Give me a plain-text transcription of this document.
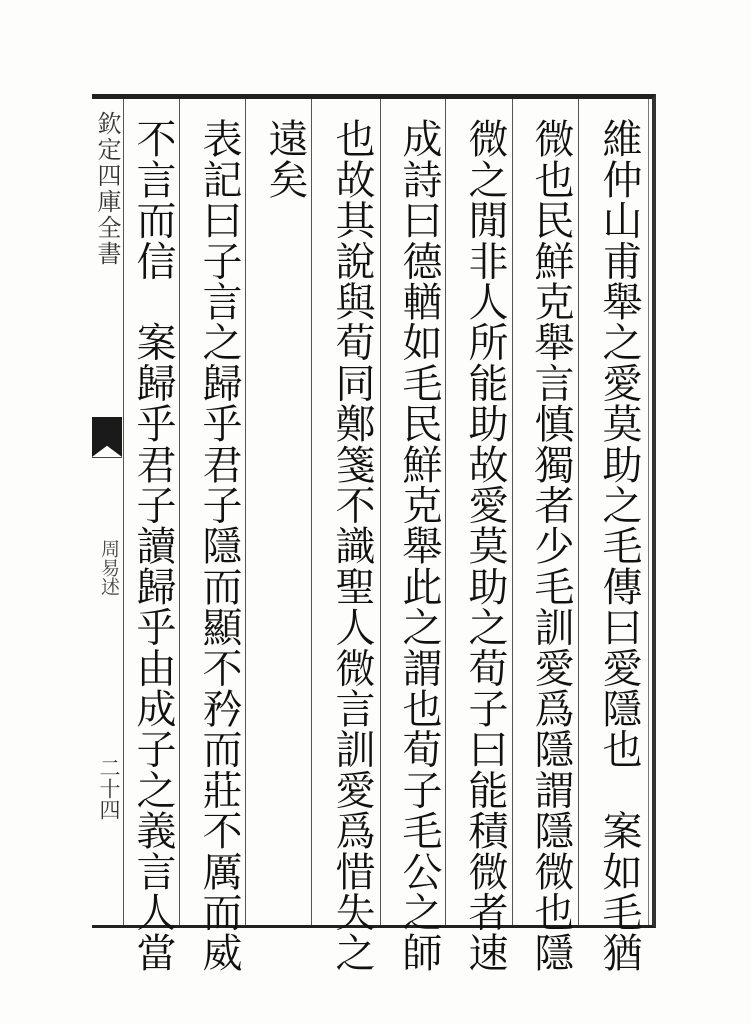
欽定四庫全書
周易述
二十四	維仲山甫舉之愛莫助之毛傳曰愛隱也　案如毛猶
微也民鮮克舉言慎獨者少毛訓愛爲隱謂隱微也隱
微之閒非人所能助故愛莫助之荀子曰能積微者速
成詩曰德輶如毛民鮮克舉此之謂也荀子毛公之師
也故其說與荀同鄭箋不識聖人微言訓愛爲惜失之
遠矣
表記曰子言之歸乎君子隱而顯不矜而莊不厲而威
不言而信　案歸乎君子讀歸乎由成子之義言人當
